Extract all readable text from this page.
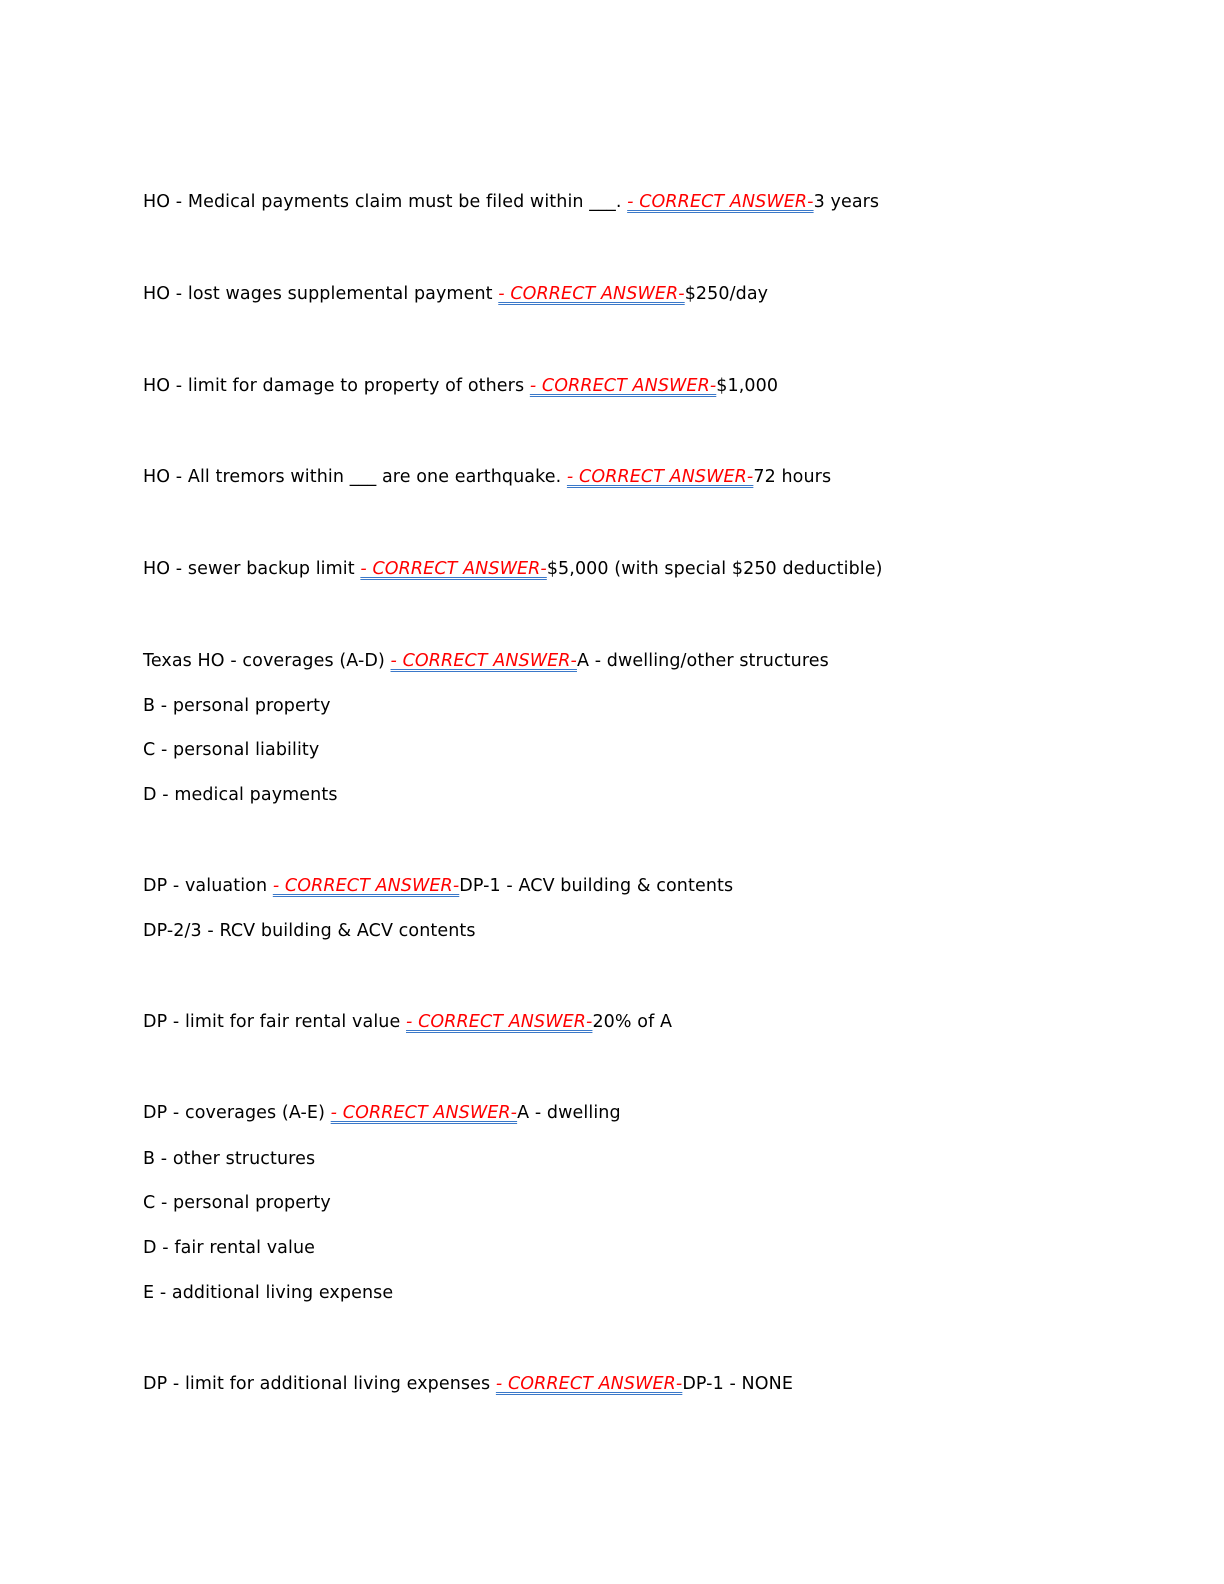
HO - Medical payments claim must be filed within ___. - CORRECT ANSWER-3 years

HO - lost wages supplemental payment - CORRECT ANSWER-$250/day

HO - limit for damage to property of others - CORRECT ANSWER-$1,000

HO - All tremors within ___ are one earthquake. - CORRECT ANSWER-72 hours

HO - sewer backup limit - CORRECT ANSWER-$5,000 (with special $250 deductible)

Texas HO - coverages (A-D) - CORRECT ANSWER-A - dwelling/other structures

B - personal property

C - personal liability

D - medical payments

DP - valuation - CORRECT ANSWER-DP-1 - ACV building & contents

DP-2/3 - RCV building & ACV contents

DP - limit for fair rental value - CORRECT ANSWER-20% of A

DP - coverages (A-E) - CORRECT ANSWER-A - dwelling

B - other structures

C - personal property

D - fair rental value

E - additional living expense

DP - limit for additional living expenses - CORRECT ANSWER-DP-1 - NONE
